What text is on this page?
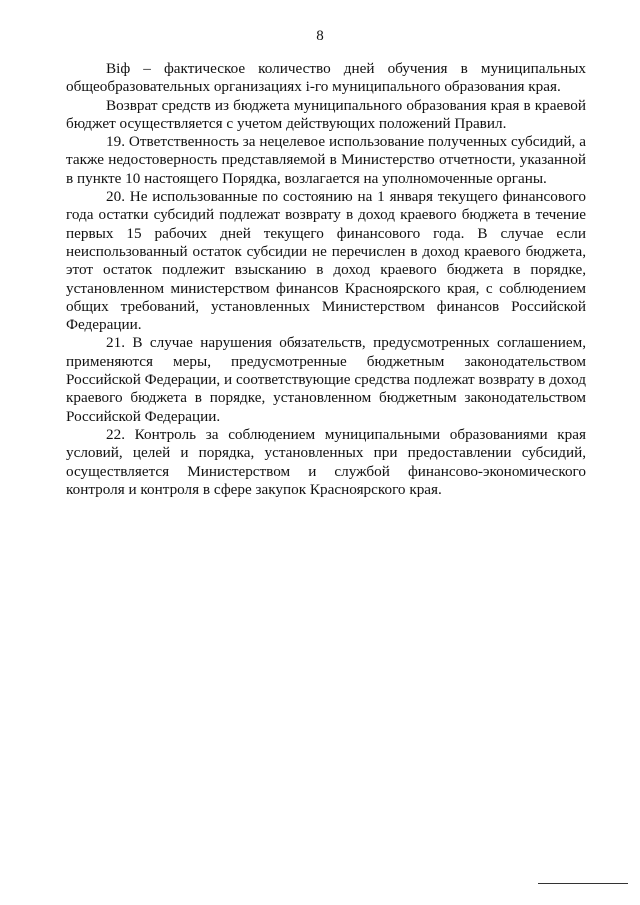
8

Biф – фактическое количество дней обучения в муниципальных общеобразовательных организациях i-го муниципального образования края.

Возврат средств из бюджета муниципального образования края в краевой бюджет осуществляется с учетом действующих положений Правил.

19. Ответственность за нецелевое использование полученных субсидий, а также недостоверность представляемой в Министерство отчетности, указанной в пункте 10 настоящего Порядка, возлагается на уполномоченные органы.

20. Не использованные по состоянию на 1 января текущего финансового года остатки субсидий подлежат возврату в доход краевого бюджета в течение первых 15 рабочих дней текущего финансового года. В случае если неиспользованный остаток субсидии не перечислен в доход краевого бюджета, этот остаток подлежит взысканию в доход краевого бюджета в порядке, установленном министерством финансов Красноярского края, с соблюдением общих требований, установленных Министерством финансов Российской Федерации.

21. В случае нарушения обязательств, предусмотренных соглашением, применяются меры, предусмотренные бюджетным законодательством Российской Федерации, и соответствующие средства подлежат возврату в доход краевого бюджета в порядке, установленном бюджетным законодательством Российской Федерации.

22. Контроль за соблюдением муниципальными образованиями края условий, целей и порядка, установленных при предоставлении субсидий, осуществляется Министерством и службой финансово-экономического контроля и контроля в сфере закупок Красноярского края.
